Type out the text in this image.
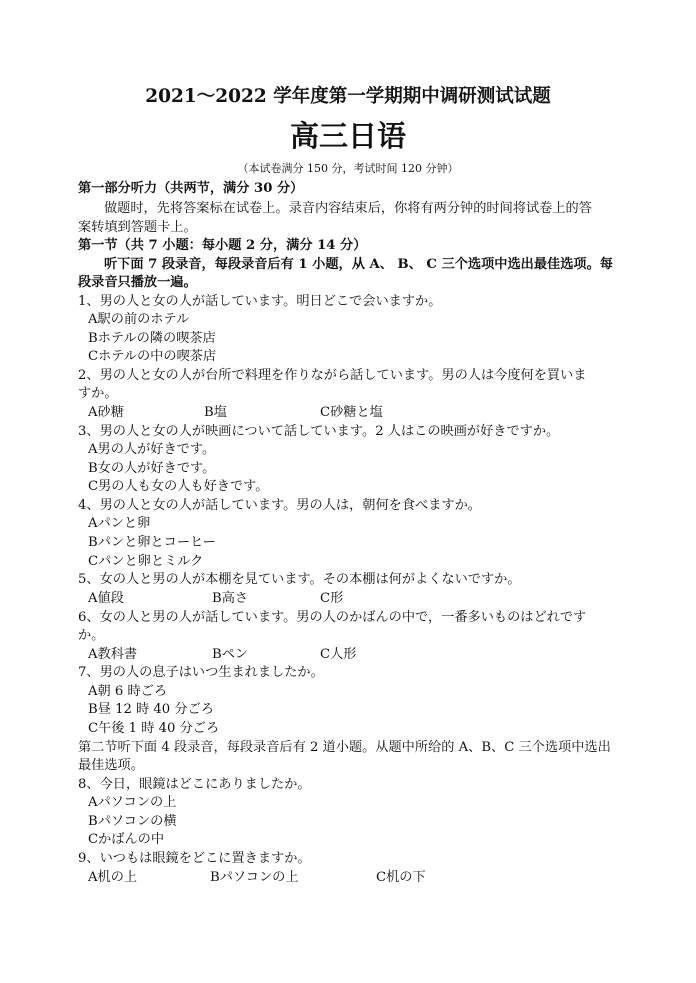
2021～2022 学年度第一学期期中调研测试试题
高三日语
（本试卷满分 150 分，考试时间 120 分钟）
第一部分听力（共两节，满分 30 分）
做题时，先将答案标在试卷上。录音内容结束后，你将有两分钟的时间将试卷上的答
案转填到答题卡上。
第一节（共 7 小题：每小题 2 分，满分 14 分）
听下面 7 段录音，每段录音后有 1 小题，从 A、 B、 C 三个选项中选出最佳选项。每
段录音只播放一遍。
1、男の人と女の人が話しています。明日どこで会いますか。
A駅の前のホテル
Bホテルの隣の喫茶店
Cホテルの中の喫茶店
2、男の人と女の人が台所で料理を作りながら話しています。男の人は今度何を買いま
すか。
A砂糖	B塩	C砂糖と塩
3、男の人と女の人が映画について話しています。2 人はこの映画が好きですか。
A男の人が好きです。
B女の人が好きです。
C男の人も女の人も好きです。
4、男の人と女の人が話しています。男の人は，朝何を食べますか。
Aパンと卵
Bパンと卵とコーヒー
Cパンと卵とミルク
5、女の人と男の人が本棚を見ています。その本棚は何がよくないですか。
A値段	B高さ	C形
6、女の人と男の人が話しています。男の人のかばんの中で，一番多いものはどれです
か。
A教科書	Bペン	C人形
7、男の人の息子はいつ生まれましたか。
A朝 6 時ごろ
B昼 12 時 40 分ごろ
C午後 1 時 40 分ごろ
第二节听下面 4 段录音，每段录音后有 2 道小题。从题中所给的 A、B、C 三个选项中选出
最佳选项。
8、今日，眼鏡はどこにありましたか。
Aパソコンの上
Bパソコンの横
Cかばんの中
9、いつもは眼鏡をどこに置きますか。
A机の上	Bパソコンの上	C机の下
